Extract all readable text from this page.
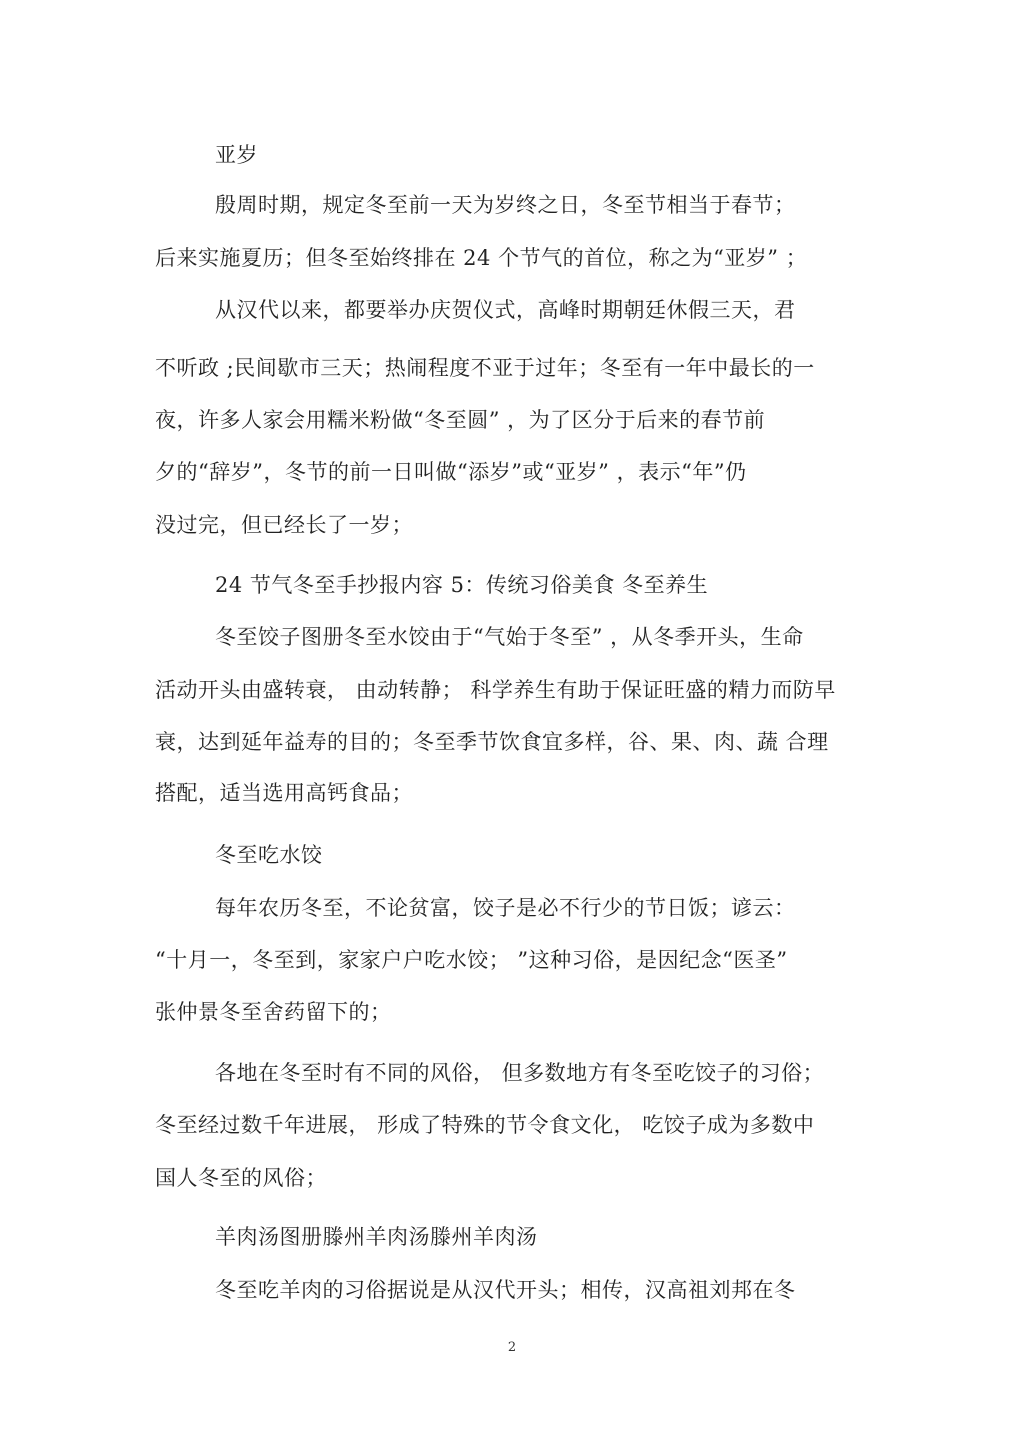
亚岁
殷周时期，规定冬至前一天为岁终之日，冬至节相当于春节；
后来实施夏历；但冬至始终排在 24 个节气的首位，称之为“亚岁” ；
从汉代以来，都要举办庆贺仪式，高峰时期朝廷休假三天，君
不听政 ;民间歇市三天；热闹程度不亚于过年；冬至有一年中最长的一
夜，许多人家会用糯米粉做“冬至圆” ，为了区分于后来的春节前
夕的“辞岁”，冬节的前一日叫做“添岁”或“亚岁” ，表示“年”仍
没过完，但已经长了一岁；
24 节气冬至手抄报内容 5：传统习俗美食 冬至养生
冬至饺子图册冬至水饺由于“气始于冬至” ，从冬季开头，生命
活动开头由盛转衰， 由动转静； 科学养生有助于保证旺盛的精力而防早
衰，达到延年益寿的目的；冬至季节饮食宜多样，谷、果、肉、蔬 合理
搭配，适当选用高钙食品；
冬至吃水饺
每年农历冬至，不论贫富，饺子是必不行少的节日饭；谚云：
“十月一，冬至到，家家户户吃水饺； ”这种习俗，是因纪念“医圣”
张仲景冬至舍药留下的；
各地在冬至时有不同的风俗， 但多数地方有冬至吃饺子的习俗；
冬至经过数千年进展， 形成了特殊的节令食文化， 吃饺子成为多数中
国人冬至的风俗；
羊肉汤图册滕州羊肉汤滕州羊肉汤
冬至吃羊肉的习俗据说是从汉代开头；相传，汉高祖刘邦在冬
2
